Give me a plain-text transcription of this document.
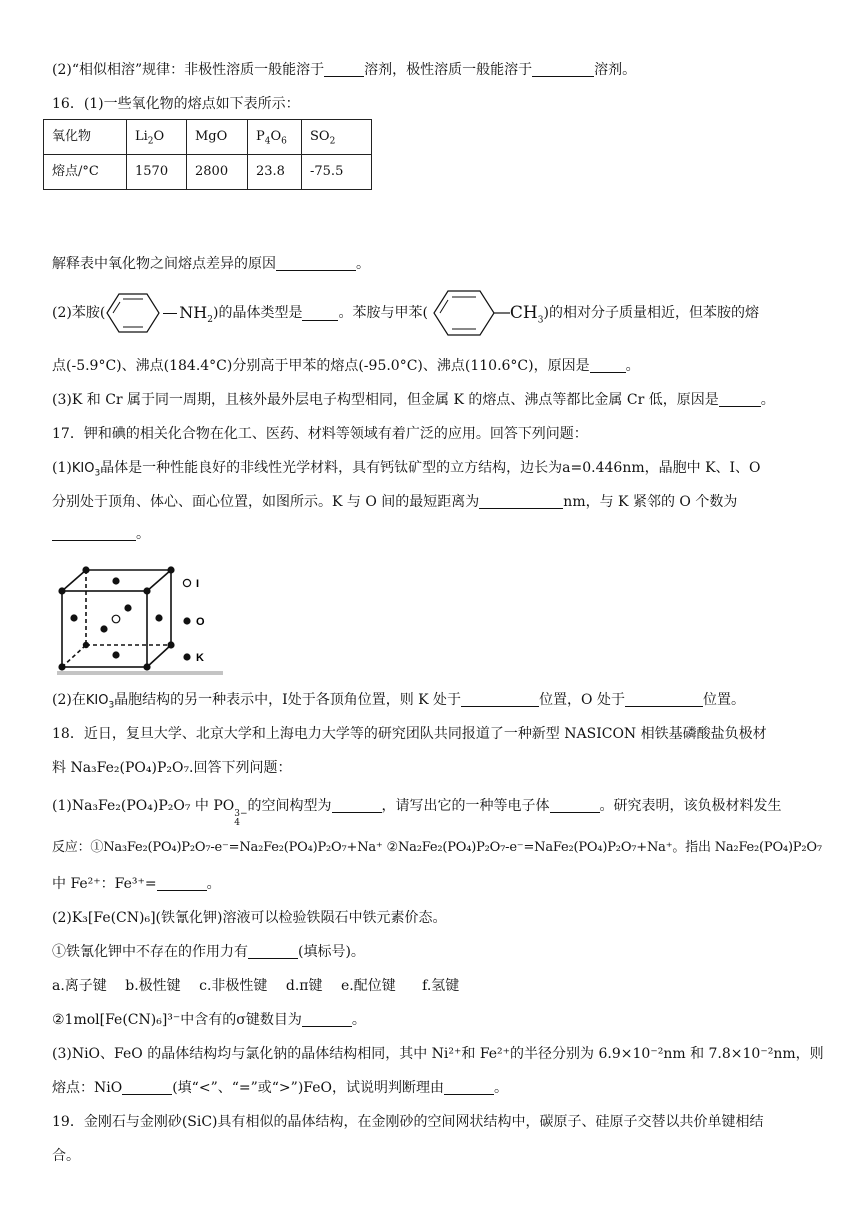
(2)“相似相溶”规律：非极性溶质一般能溶于	溶剂，极性溶质一般能溶于	溶剂。
16．(1)一些氧化物的熔点如下表所示：
氧化物	$Li_2O$	MgO	$P_4O_6$	$SO_2$
熔点/°C	1570	2800	23.8	-75.5
解释表中氧化物之间熔点差异的原因	。
(2)苯胺(	$NH_2$ )的晶体类型是	。苯胺与甲苯(	$CH_3$ )的相对分子质量相近，但苯胺的熔
点(-5.9°C)、沸点(184.4°C)分别高于甲苯的熔点(-95.0°C)、沸点(110.6°C)，原因是	。
(3)K 和 Cr 属于同一周期，且核外最外层电子构型相同，但金属 K 的熔点、沸点等都比金属 Cr 低，原因是	。
17．钾和碘的相关化合物在化工、医药、材料等领域有着广泛的应用。回答下列问题：
$(1)KIO_3$晶体是一种性能良好的非线性光学材料，具有钙钛矿型的立方结构，边长为a=0.446nm，晶胞中 K、I、O
分别处于顶角、体心、面心位置，如图所示。K 与 O 间的最短距离为	nm，与 K 紧邻的 O 个数为
。
I
O
K
(2)在$KIO_3$晶胞结构的另一种表示中，I处于各顶角位置，则 K 处于	位置，O 处于	位置。
18．近日，复旦大学、北京大学和上海电力大学等的研究团队共同报道了一种新型 NASICON 相铁基磷酸盐负极材
料 Na₃Fe₂(PO₄)P₂O₇.回答下列问题：
(1)Na₃Fe₂(PO₄)P₂O₇ 中 PO 3−
4
的空间构型为	，请写出它的一种等电子体	。研究表明，该负极材料发生
反应：①Na₃Fe₂(PO₄)P₂O₇-e⁻=Na₂Fe₂(PO₄)P₂O₇+Na⁺ ②Na₂Fe₂(PO₄)P₂O₇-e⁻=NaFe₂(PO₄)P₂O₇+Na⁺。指出 Na₂Fe₂(PO₄)P₂O₇
中 Fe²⁺：Fe³⁺=	。
(2)K₃[Fe(CN)₆](铁氰化钾)溶液可以检验铁陨石中铁元素价态。
①铁氰化钾中不存在的作用力有	(填标号)。
a.离子键 b.极性键 c.非极性键 d.π键 e.配位键 f.氢键
②1mol[Fe(CN)₆]³⁻中含有的σ键数目为	。
(3)NiO、FeO 的晶体结构均与氯化钠的晶体结构相同，其中 Ni²⁺和 Fe²⁺的半径分别为 6.9×10⁻²nm 和 7.8×10⁻²nm，则
熔点：NiO	(填“<”、“=”或“>”)FeO，试说明判断理由	。
19．金刚石与金刚砂(SiC)具有相似的晶体结构，在金刚砂的空间网状结构中，碳原子、硅原子交替以共价单键相结
合。
